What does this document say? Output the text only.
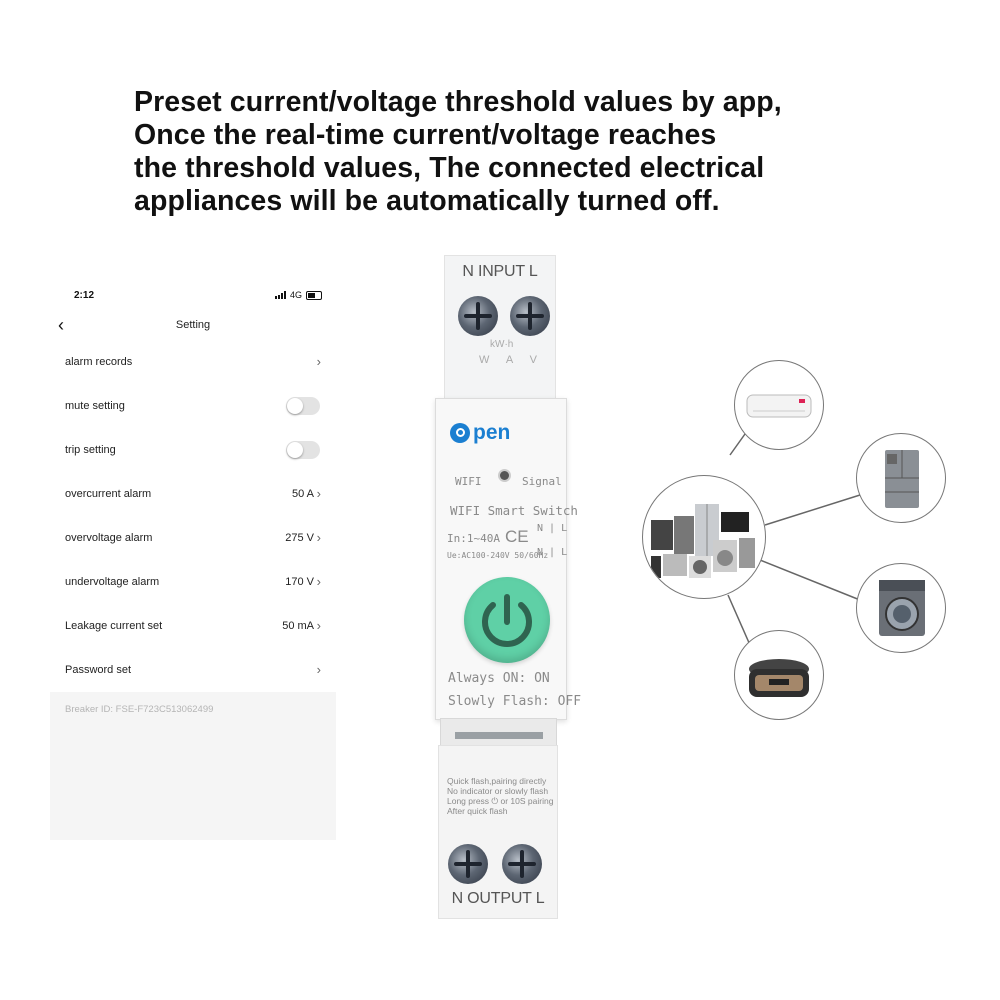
Preset current/voltage threshold values by app,
Once the real-time current/voltage reaches
the threshold values, The connected electrical
appliances will be automatically turned off.
2:12	4G
‹	Setting
alarm records	›
mute setting
trip setting
overcurrent alarm	50 A ›
overvoltage alarm	275 V ›
undervoltage alarm	170 V ›
Leakage current set	50 mA ›
Password set	›
Breaker ID: FSE-F723C513062499
N INPUT L
kW·h
W A V
pen
WIFI	Signal
WIFI Smart Switch
In:1~40A CE N | L
Ue:AC100-240V 50/60Hz
N | L
Always ON: ON
Slowly Flash: OFF
Quick flash,pairing directly
No indicator or slowly flash
Long press ⏻ or 10S pairing
After quick flash
N OUTPUT L
